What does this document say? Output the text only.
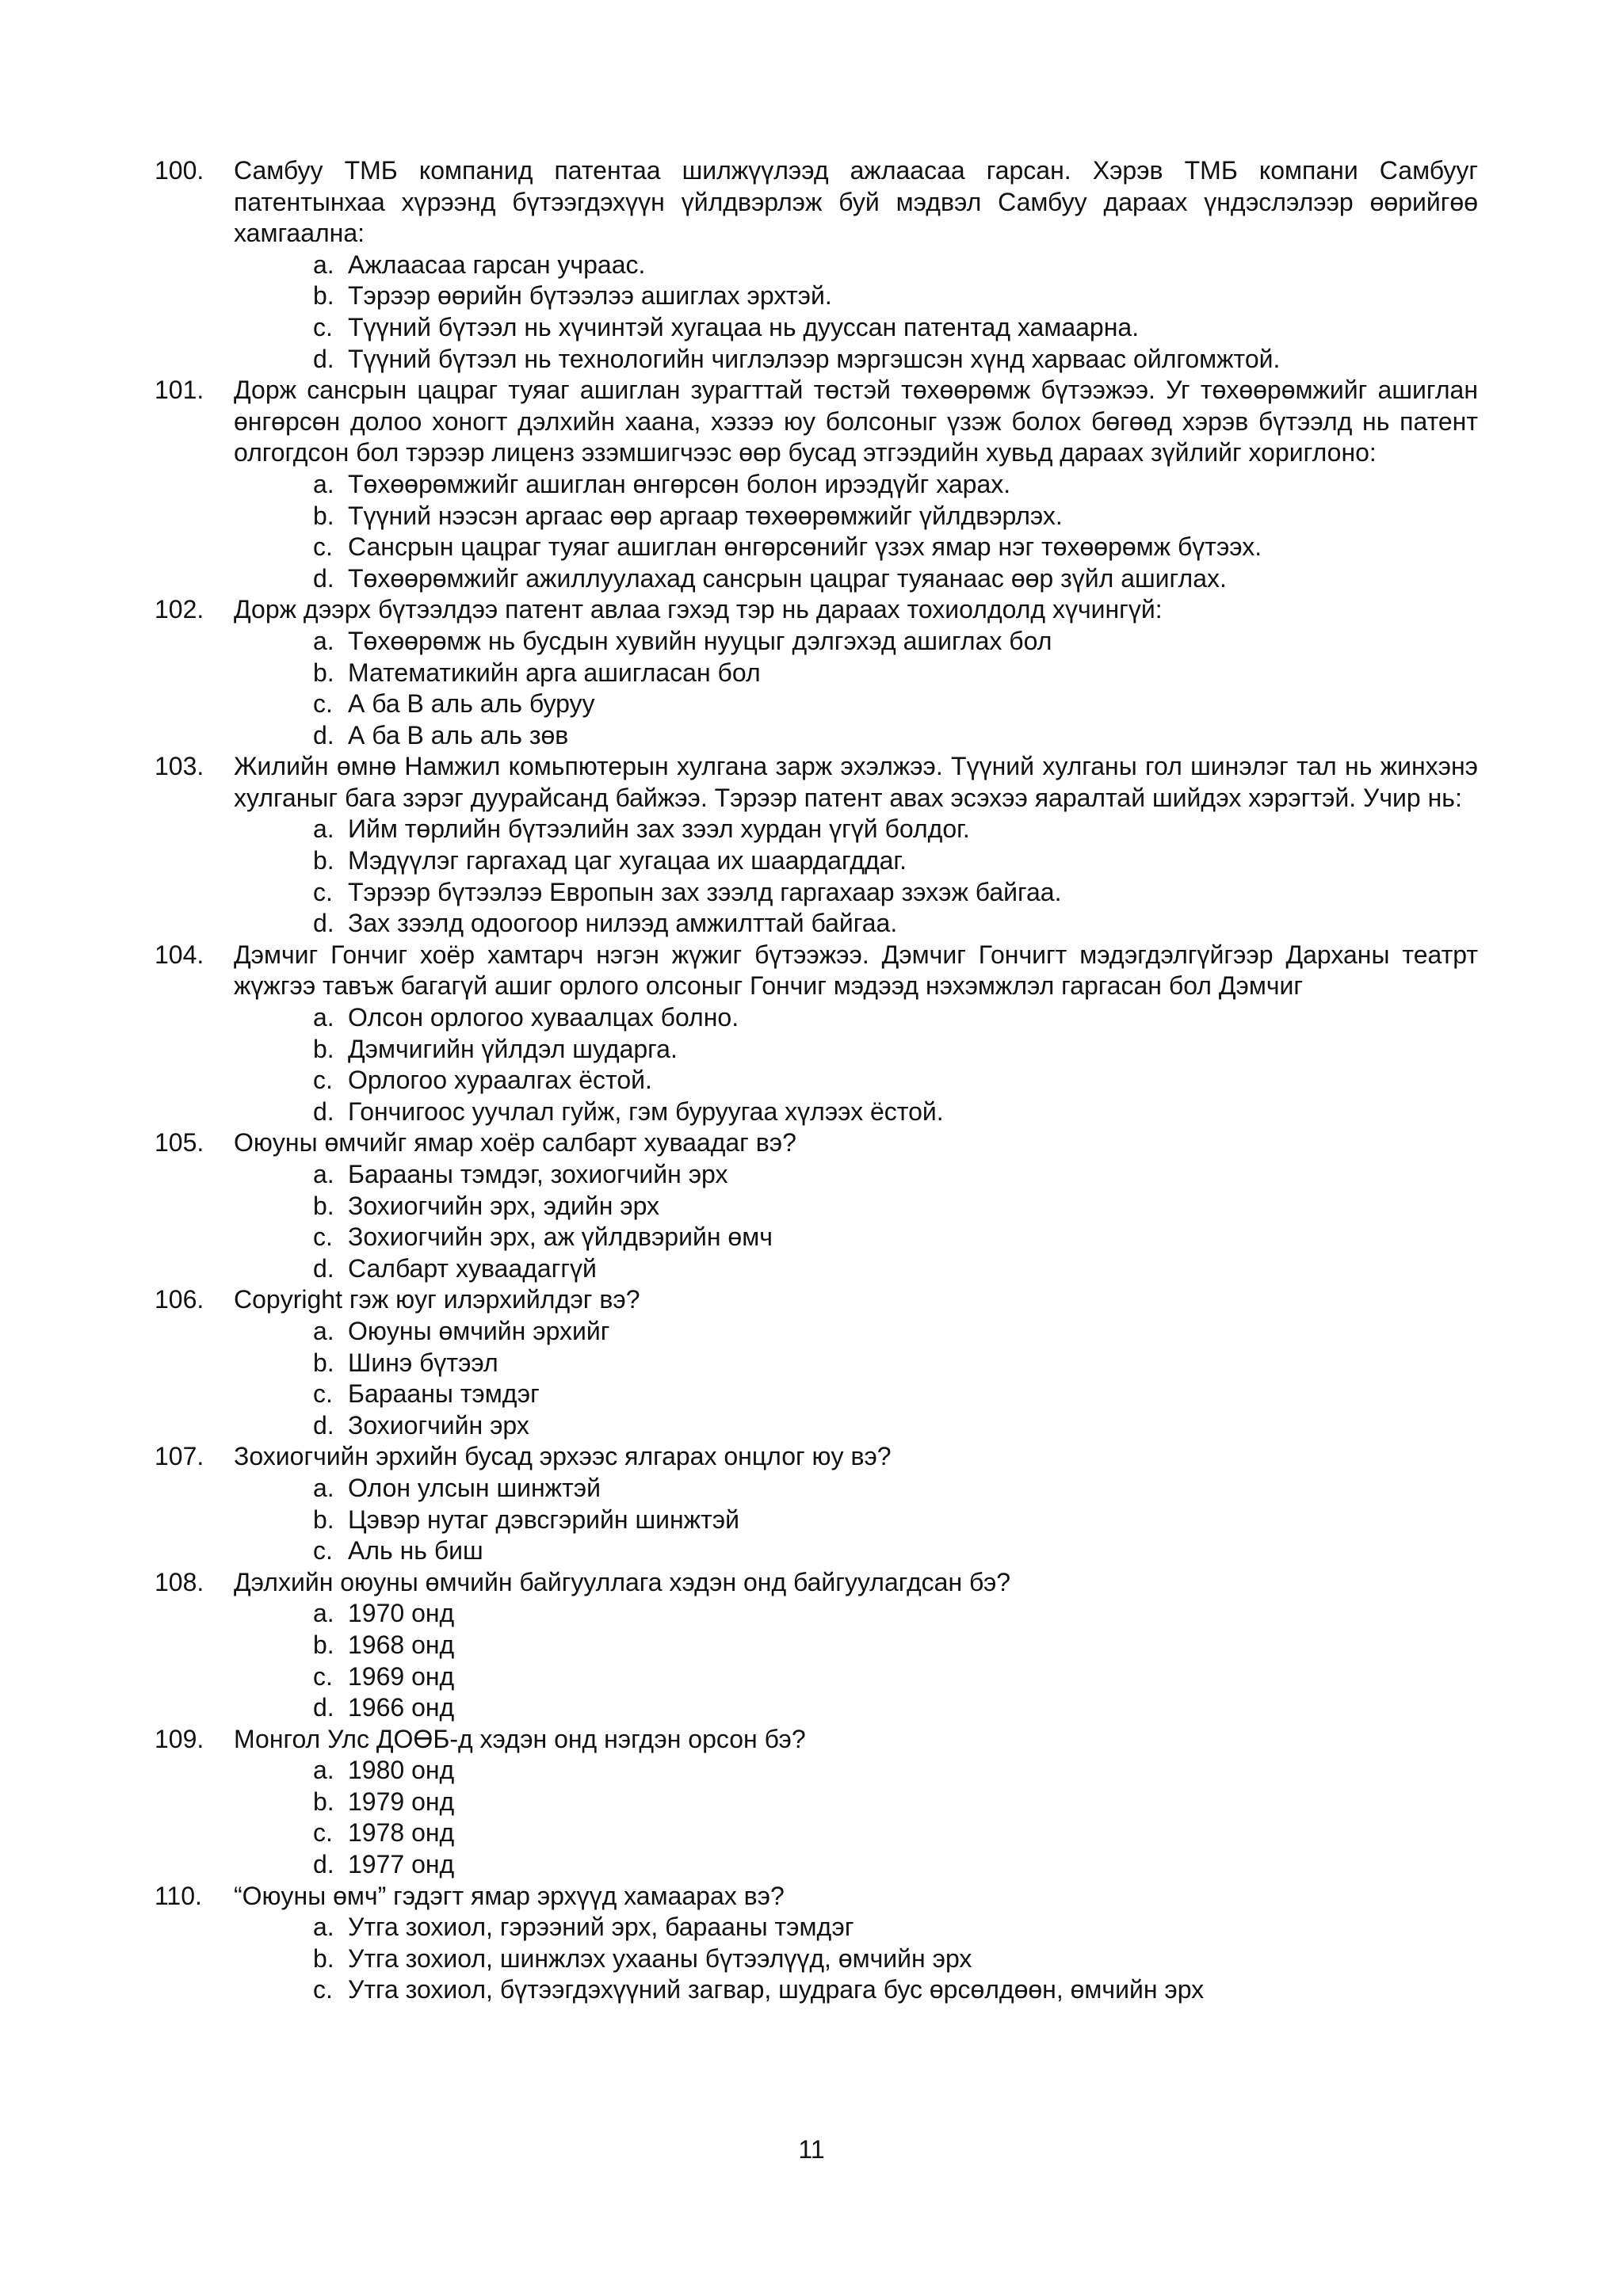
100.	Самбуу ТМБ компанид патентаа шилжүүлээд ажлаасаа гарсан. Хэрэв ТМБ компани Самбууг патентынхаа хүрээнд бүтээгдэхүүн үйлдвэрлэж буй мэдвэл Самбуу дараах үндэслэлээр өөрийгөө хамгаална:
a. Ажлаасаа гарсан учраас.
b. Тэрээр өөрийн бүтээлээ ашиглах эрхтэй.
c. Түүний бүтээл нь хүчинтэй хугацаа нь дууссан патентад хамаарна.
d. Түүний бүтээл нь технологийн чиглэлээр мэргэшсэн хүнд харваас ойлгомжтой.
101.	Дорж сансрын цацраг туяаг ашиглан зурагттай төстэй төхөөрөмж бүтээжээ. Уг төхөөрөмжийг ашиглан өнгөрсөн долоо хоногт дэлхийн хаана, хэзээ юу болсоныг үзэж болох бөгөөд хэрэв бүтээлд нь патент олгогдсон бол тэрээр лиценз эзэмшигчээс өөр бусад этгээдийн хувьд дараах зүйлийг хориглоно:
a. Төхөөрөмжийг ашиглан өнгөрсөн болон ирээдүйг харах.
b. Түүний нээсэн аргаас өөр аргаар төхөөрөмжийг үйлдвэрлэх.
c. Сансрын цацраг туяаг ашиглан өнгөрсөнийг үзэх ямар нэг төхөөрөмж бүтээх.
d. Төхөөрөмжийг ажиллуулахад сансрын цацраг туяанаас өөр зүйл ашиглах.
102.	Дорж дээрх бүтээлдээ патент авлаа гэхэд тэр нь дараах тохиолдолд хүчингүй:
a. Төхөөрөмж нь бусдын хувийн нууцыг дэлгэхэд ашиглах бол
b. Математикийн арга ашигласан бол
c. А ба В аль аль буруу
d. А ба В аль аль зөв
103.	Жилийн өмнө Намжил комьпютерын хулгана зарж эхэлжээ. Түүний хулганы гол шинэлэг тал нь жинхэнэ хулганыг бага зэрэг дуурайсанд байжээ. Тэрээр патент авах эсэхээ яаралтай шийдэх хэрэгтэй. Учир нь:
a. Ийм төрлийн бүтээлийн зах зээл хурдан үгүй болдог.
b. Мэдүүлэг гаргахад цаг хугацаа их шаардагддаг.
c. Тэрээр бүтээлээ Европын зах зээлд гаргахаар зэхэж байгаа.
d. Зах зээлд одоогоор нилээд амжилттай байгаа.
104.	Дэмчиг Гончиг хоёр хамтарч нэгэн жүжиг бүтээжээ. Дэмчиг Гончигт мэдэгдэлгүйгээр Дарханы театрт жүжгээ тавъж багагүй ашиг орлого олсоныг Гончиг мэдээд нэхэмжлэл гаргасан бол Дэмчиг
a. Олсон орлогоо хуваалцах болно.
b. Дэмчигийн үйлдэл шударга.
c. Орлогоо хураалгах ёстой.
d. Гончигоос уучлал гуйж, гэм буруугаа хүлээх ёстой.
105.	Оюуны өмчийг ямар хоёр салбарт хуваадаг вэ?
a. Барааны тэмдэг, зохиогчийн эрх
b. Зохиогчийн эрх, эдийн эрх
c. Зохиогчийн эрх, аж үйлдвэрийн өмч
d. Салбарт хуваадаггүй
106.	Copyright гэж юуг илэрхийлдэг вэ?
a. Оюуны өмчийн эрхийг
b. Шинэ бүтээл
c. Барааны тэмдэг
d. Зохиогчийн эрх
107.	Зохиогчийн эрхийн бусад эрхээс ялгарах онцлог юу вэ?
a. Олон улсын шинжтэй
b. Цэвэр нутаг дэвсгэрийн шинжтэй
c. Аль нь биш
108.	Дэлхийн оюуны өмчийн байгууллага хэдэн онд байгуулагдсан бэ?
a. 1970 онд
b. 1968 онд
c. 1969 онд
d. 1966 онд
109.	Монгол Улс ДОӨБ-д хэдэн онд нэгдэн орсон бэ?
a. 1980 онд
b. 1979 онд
c. 1978 онд
d. 1977 онд
110.	“Оюуны өмч” гэдэгт ямар эрхүүд хамаарах вэ?
a. Утга зохиол, гэрээний эрх, барааны тэмдэг
b. Утга зохиол, шинжлэх ухааны бүтээлүүд, өмчийн эрх
c. Утга зохиол, бүтээгдэхүүний загвар, шудрага бус өрсөлдөөн, өмчийн эрх
11
